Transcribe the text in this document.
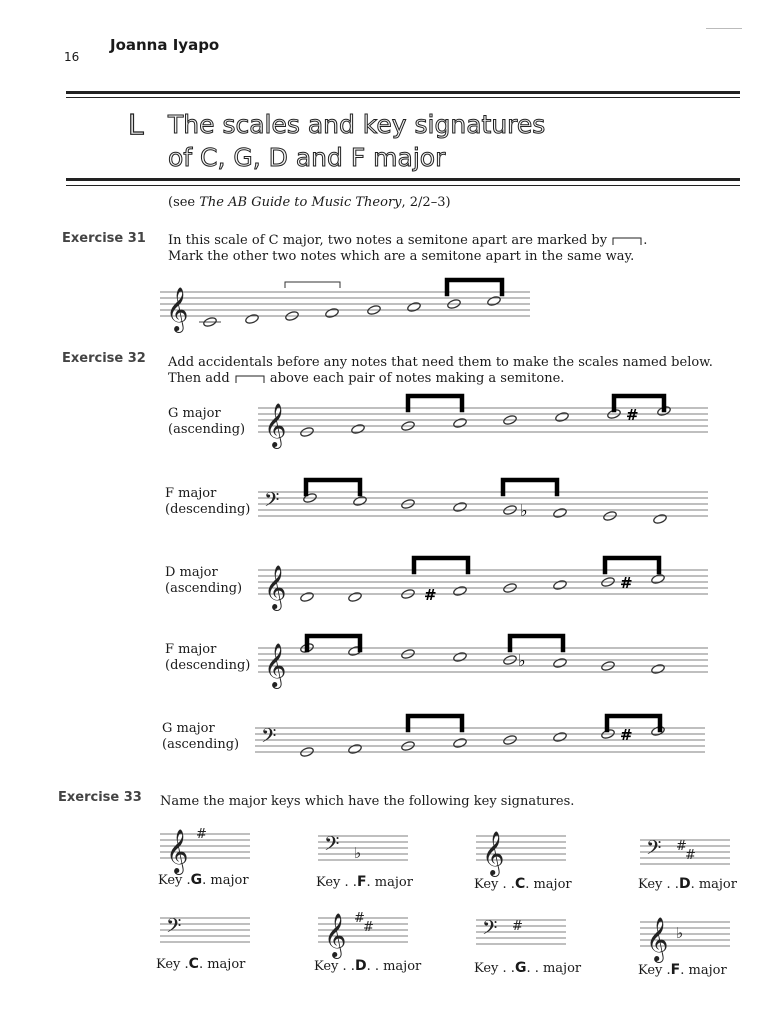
Joanna Iyapo
16
L The scales and key signatures
of C, G, D and F major
(see The AB Guide to Music Theory, 2/2–3)
Exercise 31 In this scale of C major, two notes a semitone apart are marked by	.
Mark the other two notes which are a semitone apart in the same way.
𝄞
Exercise 32 Add accidentals before any notes that need them to make the scales named below.
Then add	above each pair of notes making a semitone.
G major
(ascending)
F major
(descending)
D major
(ascending)
F major
(descending)
G major
(ascending)
𝄞	#
𝄢	♭
𝄞	#
#
𝄞	♭
𝄢	#
Exercise 33 Name the major keys which have the following key signatures.
𝄞 #	𝄢 ♭	𝄞	𝄢 #
#
𝄢	𝄞 #
#	𝄢 #	𝄞 ♭
Key .G. major	Key . .F. major	Key . .C. major	Key . .D. major
Key .C. major	Key . .D. . major	Key . .G. . major	Key .F. major
